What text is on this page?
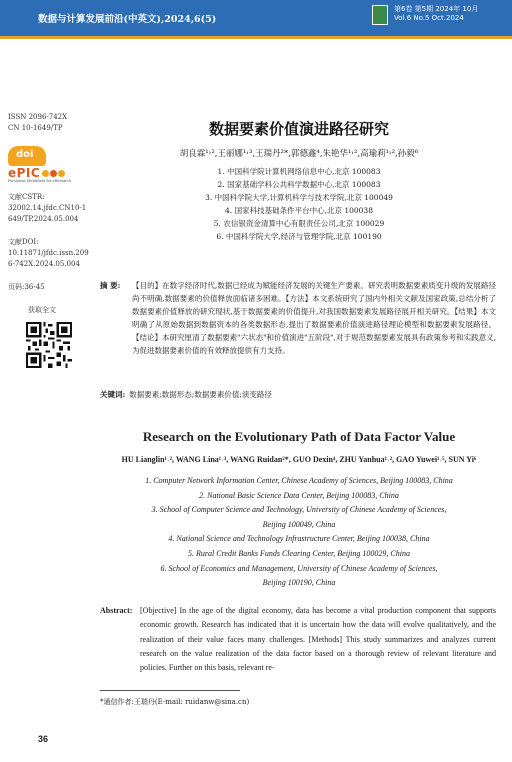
数据与计算发展前沿(中英文),2024,6(5)
第6卷 第5期 2024年 10月
Vol.6 No.5 Oct.2024
ISSN 2096-742X
CN 10-1649/TP
doi
ePIC
Persistent Identifiers for eResearch
文献CSTR:
32002.14.jfdc.CN10-1649/TP.2024.05.004
文献DOI:
10.11871/jfdc.issn.2096-742X.2024.05.004
页码:36-45
获取全文
数据要素价值演进路径研究
胡良霖¹˒²,王丽娜¹˒³,王瑞丹²*,郭德鑫⁴,朱艳华¹˒²,高瑜莉¹˒²,孙毅⁶
1. 中国科学院计算机网络信息中心,北京 100083
2. 国家基础学科公共科学数据中心,北京 100083
3. 中国科学院大学,计算机科学与技术学院,北京 100049
4. 国家科技基础条件平台中心,北京 100038
5. 农信银资金清算中心有限责任公司,北京 100029
6. 中国科学院大学,经济与管理学院,北京 100190
摘 要: 【目的】在数字经济时代,数据已经成为赋能经济发展的关键生产要素。研究表明数据要素质变升级的发展路径尚不明确,数据要素的价值释放面临诸多困难。【方法】本文系统研究了国内外相关文献及国家政策,总结分析了数据要素价值释放的研究现状,基于数据要素的价值提升,对我国数据要素发展路径展开相关研究。【结果】本文明确了从原始数据到数据资本的各类数据形态,提出了数据要素价值演进路径理论模型和数据要素发展路径。【结论】本研究厘清了数据要素"六状态"和价值演进"五阶段",对于规范数据要素发展具有政策参考和实践意义,为促进数据要素价值的有效释放提供有力支持。
关键词: 数据要素;数据形态;数据要素价值;演变路径
Research on the Evolutionary Path of Data Factor Value
HU Lianglin¹˒², WANG Lina¹˒³, WANG Ruidan²*, GUO Dexin⁴, ZHU Yanhua¹˒², GAO Yuwei¹˒⁵, SUN Yi⁶
1. Computer Network Information Center, Chinese Academy of Sciences, Beijing 100083, China
2. National Basic Science Data Center, Beijing 100083, China
3. School of Computer Science and Technology, University of Chinese Academy of Sciences,
Beijing 100049, China
4. National Science and Technology Infrastructure Center, Beijing 100038, China
5. Rural Credit Banks Funds Clearing Center, Beijing 100029, China
6. School of Economics and Management, University of Chinese Academy of Sciences,
Beijing 100190, China
Abstract: [Objective] In the age of the digital economy, data has become a vital production component that supports economic growth. Research has indicated that it is uncertain how the data will evolve qualitatively, and the realization of their value faces many challenges. [Methods] This study summarizes and analyzes current research on the value realization of the data factor based on a thorough review of relevant literature and policies. Further on this basis, relevant re-
*通信作者:王瑞丹(E-mail: ruidanw@sina.cn)
36
